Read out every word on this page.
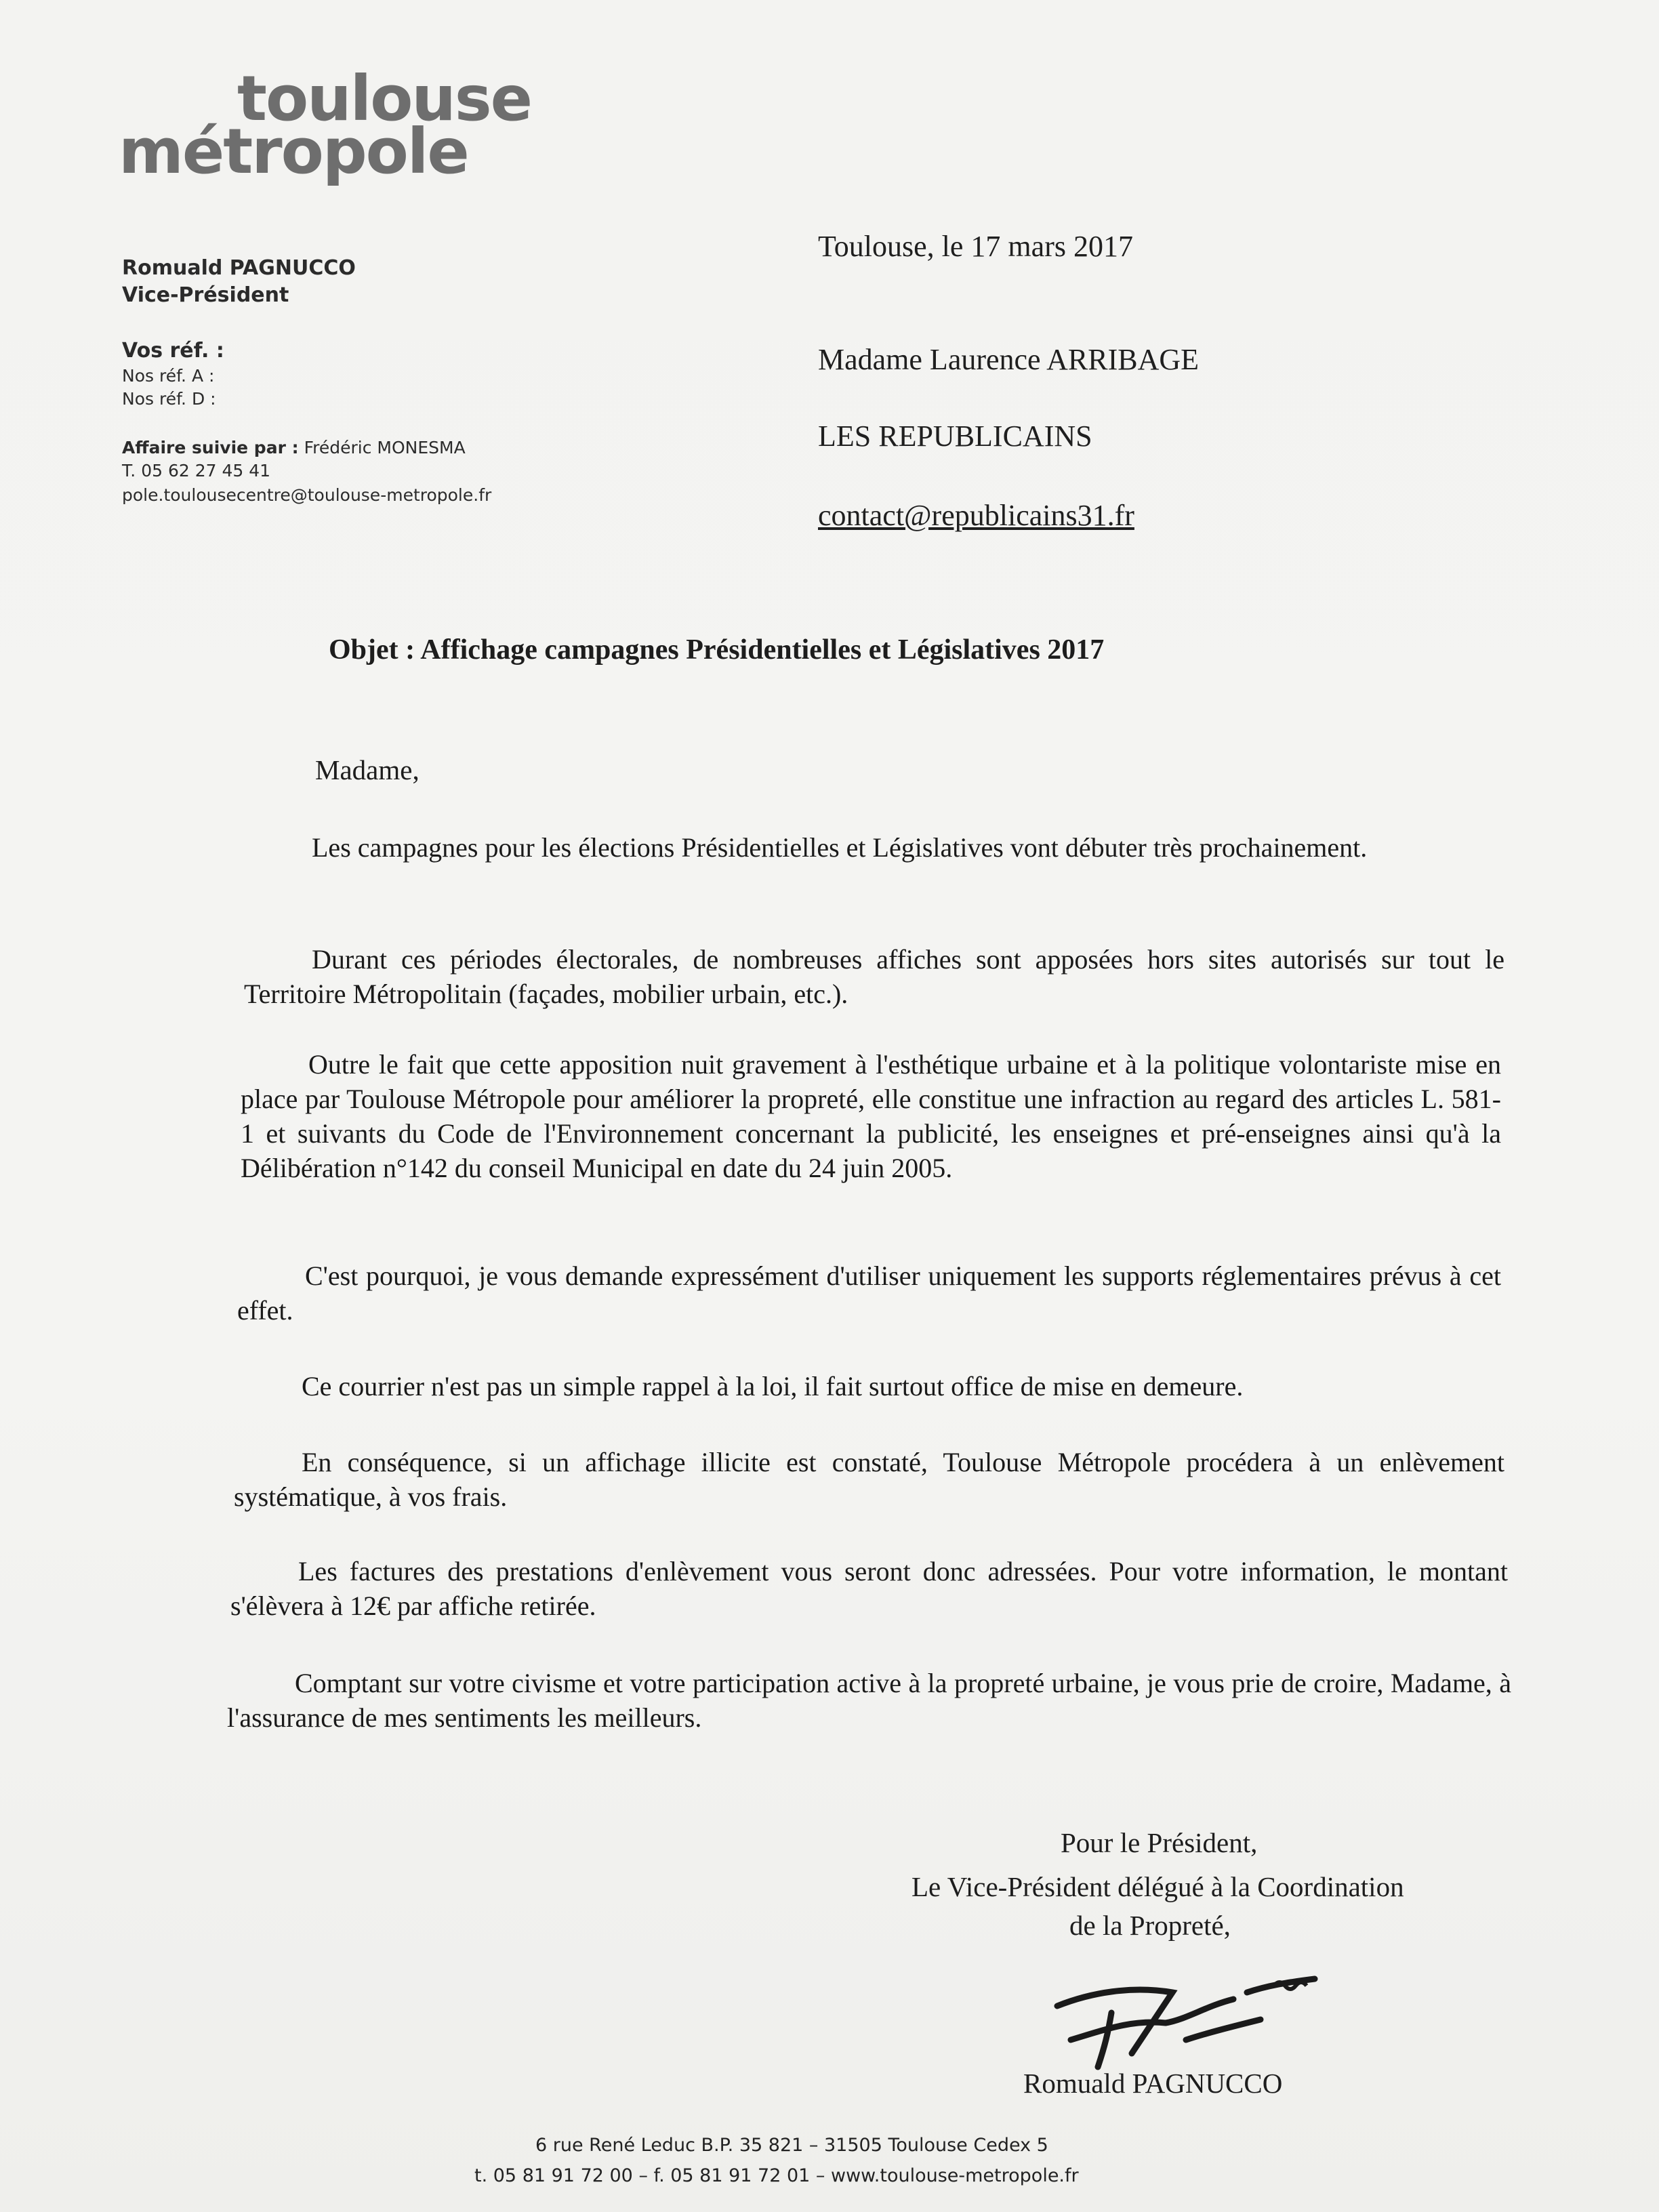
toulouse
métropole
Romuald PAGNUCCO
Vice-Président
Vos réf. :
Nos réf. A :
Nos réf. D :
Affaire suivie par : Frédéric MONESMA
T. 05 62 27 45 41
pole.toulousecentre@toulouse-metropole.fr
Toulouse, le 17 mars 2017
Madame Laurence ARRIBAGE
LES REPUBLICAINS
contact@republicains31.fr
Objet : Affichage campagnes Présidentielles et Législatives 2017
Madame,
Les campagnes pour les élections Présidentielles et Législatives vont débuter très prochainement.
Durant ces périodes électorales, de nombreuses affiches sont apposées hors sites autorisés sur tout le Territoire Métropolitain (façades, mobilier urbain, etc.).
Outre le fait que cette apposition nuit gravement à l'esthétique urbaine et à la politique volontariste mise en place par Toulouse Métropole pour améliorer la propreté, elle constitue une infraction au regard des articles L. 581-1 et suivants du Code de l'Environnement concernant la publicité, les enseignes et pré-enseignes ainsi qu'à la Délibération n°142 du conseil Municipal en date du 24 juin 2005.
C'est pourquoi, je vous demande expressément d'utiliser uniquement les supports réglementaires prévus à cet effet.
Ce courrier n'est pas un simple rappel à la loi, il fait surtout office de mise en demeure.
En conséquence, si un affichage illicite est constaté, Toulouse Métropole procédera à un enlèvement systématique, à vos frais.
Les factures des prestations d'enlèvement vous seront donc adressées. Pour votre information, le montant s'élèvera à 12€ par affiche retirée.
Comptant sur votre civisme et votre participation active à la propreté urbaine, je vous prie de croire, Madame, à l'assurance de mes sentiments les meilleurs.
Pour le Président,
Le Vice-Président délégué à la Coordination
de la Propreté,
Romuald PAGNUCCO
6 rue René Leduc B.P. 35 821 – 31505 Toulouse Cedex 5
t. 05 81 91 72 00 – f. 05 81 91 72 01 – www.toulouse-metropole.fr
